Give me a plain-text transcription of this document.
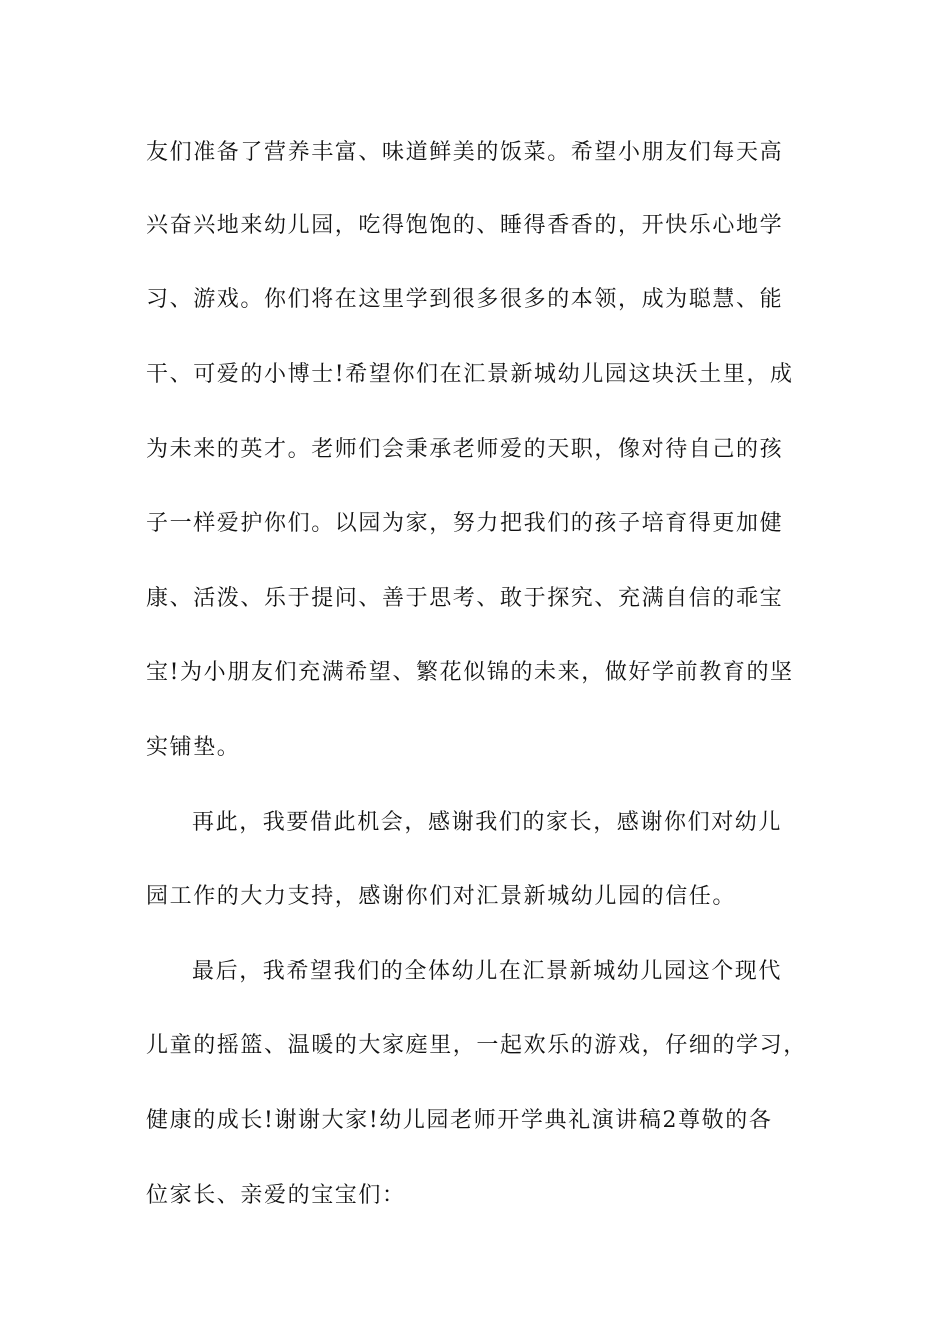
友们准备了营养丰富、味道鲜美的饭菜。希望小朋友们每天高
兴奋兴地来幼儿园，吃得饱饱的、睡得香香的，开快乐心地学
习、游戏。你们将在这里学到很多很多的本领，成为聪慧、能
干、可爱的小博士!希望你们在汇景新城幼儿园这块沃土里，成
为未来的英才。老师们会秉承老师爱的天职，像对待自己的孩
子一样爱护你们。以园为家，努力把我们的孩子培育得更加健
康、活泼、乐于提问、善于思考、敢于探究、充满自信的乖宝
宝!为小朋友们充满希望、繁花似锦的未来，做好学前教育的坚
实铺垫。
再此，我要借此机会，感谢我们的家长，感谢你们对幼儿
园工作的大力支持，感谢你们对汇景新城幼儿园的信任。
最后，我希望我们的全体幼儿在汇景新城幼儿园这个现代
儿童的摇篮、温暖的大家庭里，一起欢乐的游戏，仔细的学习，
健康的成长!谢谢大家!幼儿园老师开学典礼演讲稿2尊敬的各
位家长、亲爱的宝宝们：
